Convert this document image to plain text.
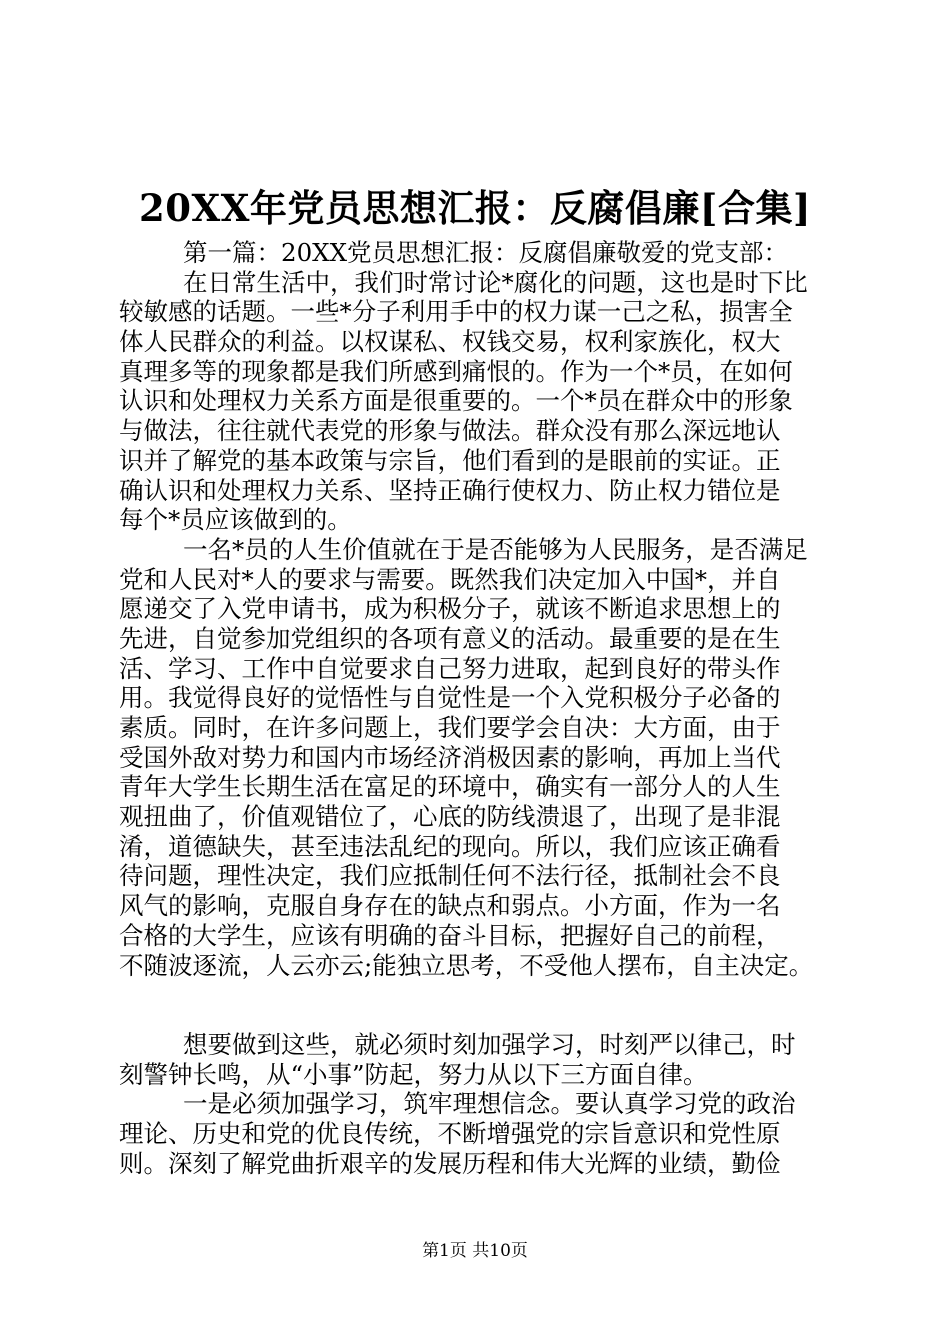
20XX年党员思想汇报：反腐倡廉[合集]
第一篇：20XX党员思想汇报：反腐倡廉敬爱的党支部：
在日常生活中，我们时常讨论*腐化的问题，这也是时下比
较敏感的话题。一些*分子利用手中的权力谋一己之私，损害全
体人民群众的利益。以权谋私、权钱交易，权利家族化，权大
真理多等的现象都是我们所感到痛恨的。作为一个*员，在如何
认识和处理权力关系方面是很重要的。一个*员在群众中的形象
与做法，往往就代表党的形象与做法。群众没有那么深远地认
识并了解党的基本政策与宗旨，他们看到的是眼前的实证。正
确认识和处理权力关系、坚持正确行使权力、防止权力错位是
每个*员应该做到的。
一名*员的人生价值就在于是否能够为人民服务，是否满足
党和人民对*人的要求与需要。既然我们决定加入中国*，并自
愿递交了入党申请书，成为积极分子，就该不断追求思想上的
先进，自觉参加党组织的各项有意义的活动。最重要的是在生
活、学习、工作中自觉要求自己努力进取，起到良好的带头作
用。我觉得良好的觉悟性与自觉性是一个入党积极分子必备的
素质。同时，在许多问题上，我们要学会自决：大方面，由于
受国外敌对势力和国内市场经济消极因素的影响，再加上当代
青年大学生长期生活在富足的环境中，确实有一部分人的人生
观扭曲了，价值观错位了，心底的防线溃退了，出现了是非混
淆，道德缺失，甚至违法乱纪的现向。所以，我们应该正确看
待问题，理性决定，我们应抵制任何不法行径，抵制社会不良
风气的影响，克服自身存在的缺点和弱点。小方面，作为一名
合格的大学生，应该有明确的奋斗目标，把握好自己的前程，
不随波逐流，人云亦云;能独立思考，不受他人摆布，自主决定。
想要做到这些，就必须时刻加强学习，时刻严以律己，时
刻警钟长鸣，从“小事”防起，努力从以下三方面自律。
一是必须加强学习，筑牢理想信念。要认真学习党的政治
理论、历史和党的优良传统，不断增强党的宗旨意识和党性原
则。深刻了解党曲折艰辛的发展历程和伟大光辉的业绩，勤俭
第1页 共10页
